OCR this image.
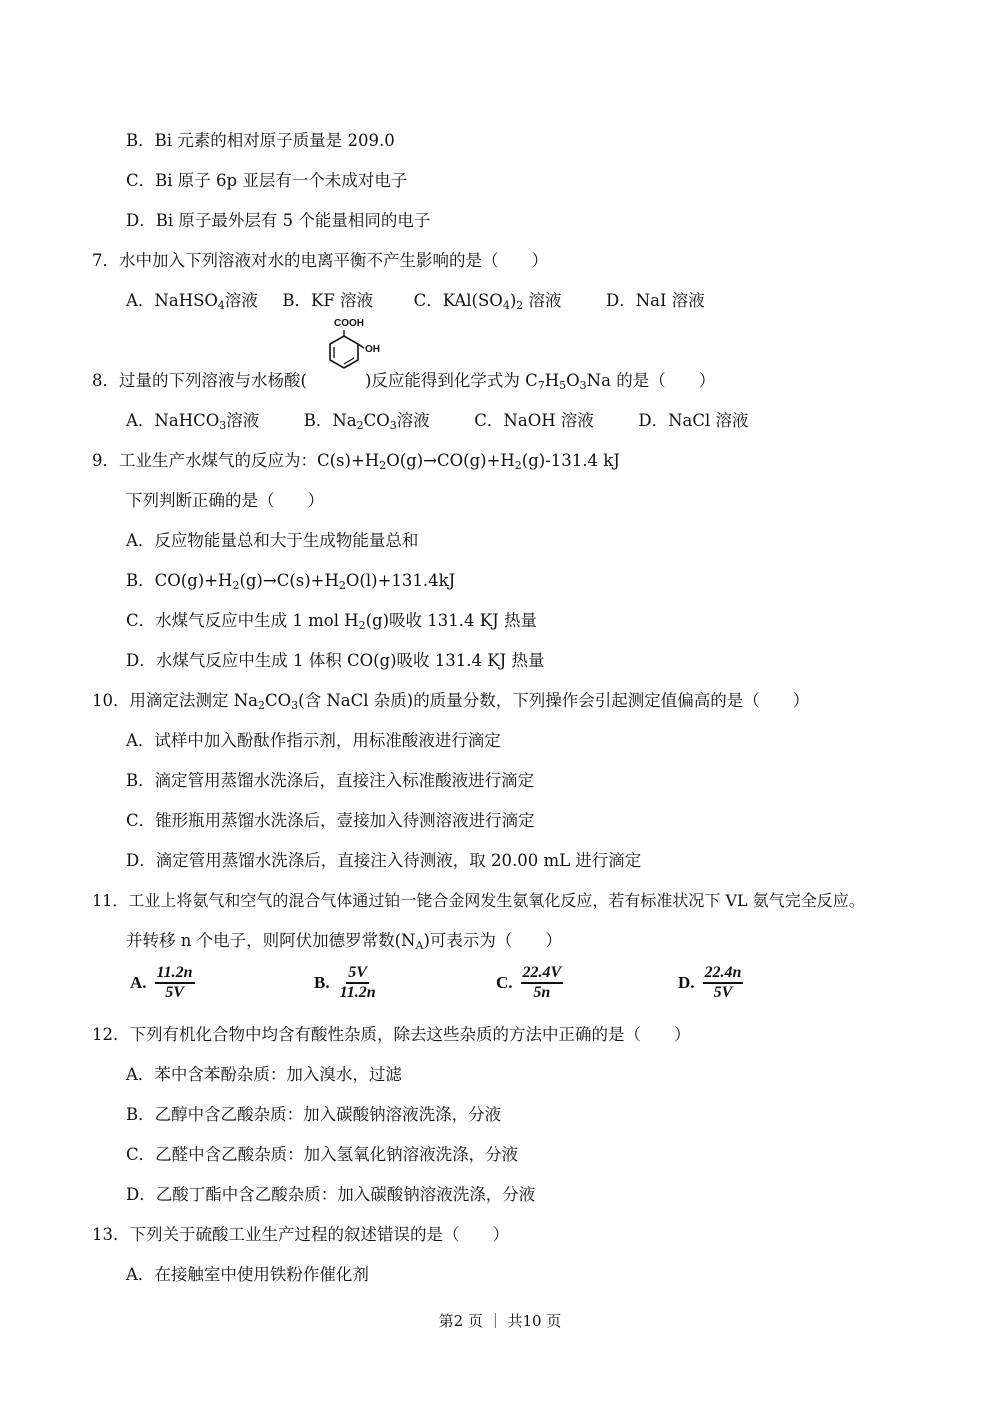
B．Bi 元素的相对原子质量是 209.0
C．Bi 原子 6p 亚层有一个未成对电子
D．Bi 原子最外层有 5 个能量相同的电子
7．水中加入下列溶液对水的电离平衡不产生影响的是（　　）
A．NaHSO$_4$溶液 B．KF 溶液 C．$KAl(SO_4)_2$ 溶液	D．NaI 溶液
COOH
OH
8．过量的下列溶液与水杨酸(	)反应能得到化学式为 $C_7H_5O_3Na$ 的是（　　）
A．NaHCO$_3$溶液	B．$Na_2CO_3$溶液	C．NaOH 溶液	D．NaCl 溶液
9．工业生产水煤气的反应为：$C(s)+H_2O(g)\to CO(g)+H_2(g)-131.4$ kJ
下列判断正确的是（　　）
A．反应物能量总和大于生成物能量总和
B．$CO(g)+H_2(g)\to C(s)+H_2O(l)+131.4kJ$
C．水煤气反应中生成 1 mol $H_2(g)$吸收 131.4 KJ 热量
D．水煤气反应中生成 1 体积 CO(g)吸收 131.4 KJ 热量
10．用滴定法测定 $Na_2CO_3$(含 NaCl 杂质)的质量分数，下列操作会引起测定值偏高的是（　　）
A．试样中加入酚酞作指示剂，用标准酸液进行滴定
B．滴定管用蒸馏水洗涤后，直接注入标准酸液进行滴定
C．锥形瓶用蒸馏水洗涤后，壹接加入待测溶液进行滴定
D．滴定管用蒸馏水洗涤后，直接注入待测液，取 20.00 mL 进行滴定
11．工业上将氨气和空气的混合气体通过铂一铑合金网发生氨氧化反应，若有标准状况下 VL 氨气完全反应。
并转移 n 个电子，则阿伏加德罗常数$(N_A)$可表示为（　　）
A. $\frac{11.2n}{5V}$	B. $\frac{5V}{11.2n}$	C. $\frac{22.4V}{5n}$	D. $\frac{22.4n}{5V}$
12．下列有机化合物中均含有酸性杂质，除去这些杂质的方法中正确的是（　　）
A．苯中含苯酚杂质：加入溴水，过滤
B．乙醇中含乙酸杂质：加入碳酸钠溶液洗涤，分液
C．乙醛中含乙酸杂质：加入氢氧化钠溶液洗涤，分液
D．乙酸丁酯中含乙酸杂质：加入碳酸钠溶液洗涤，分液
13．下列关于硫酸工业生产过程的叙述错误的是（　　）
A．在接触室中使用铁粉作催化剂
第2 页 ｜ 共10 页
